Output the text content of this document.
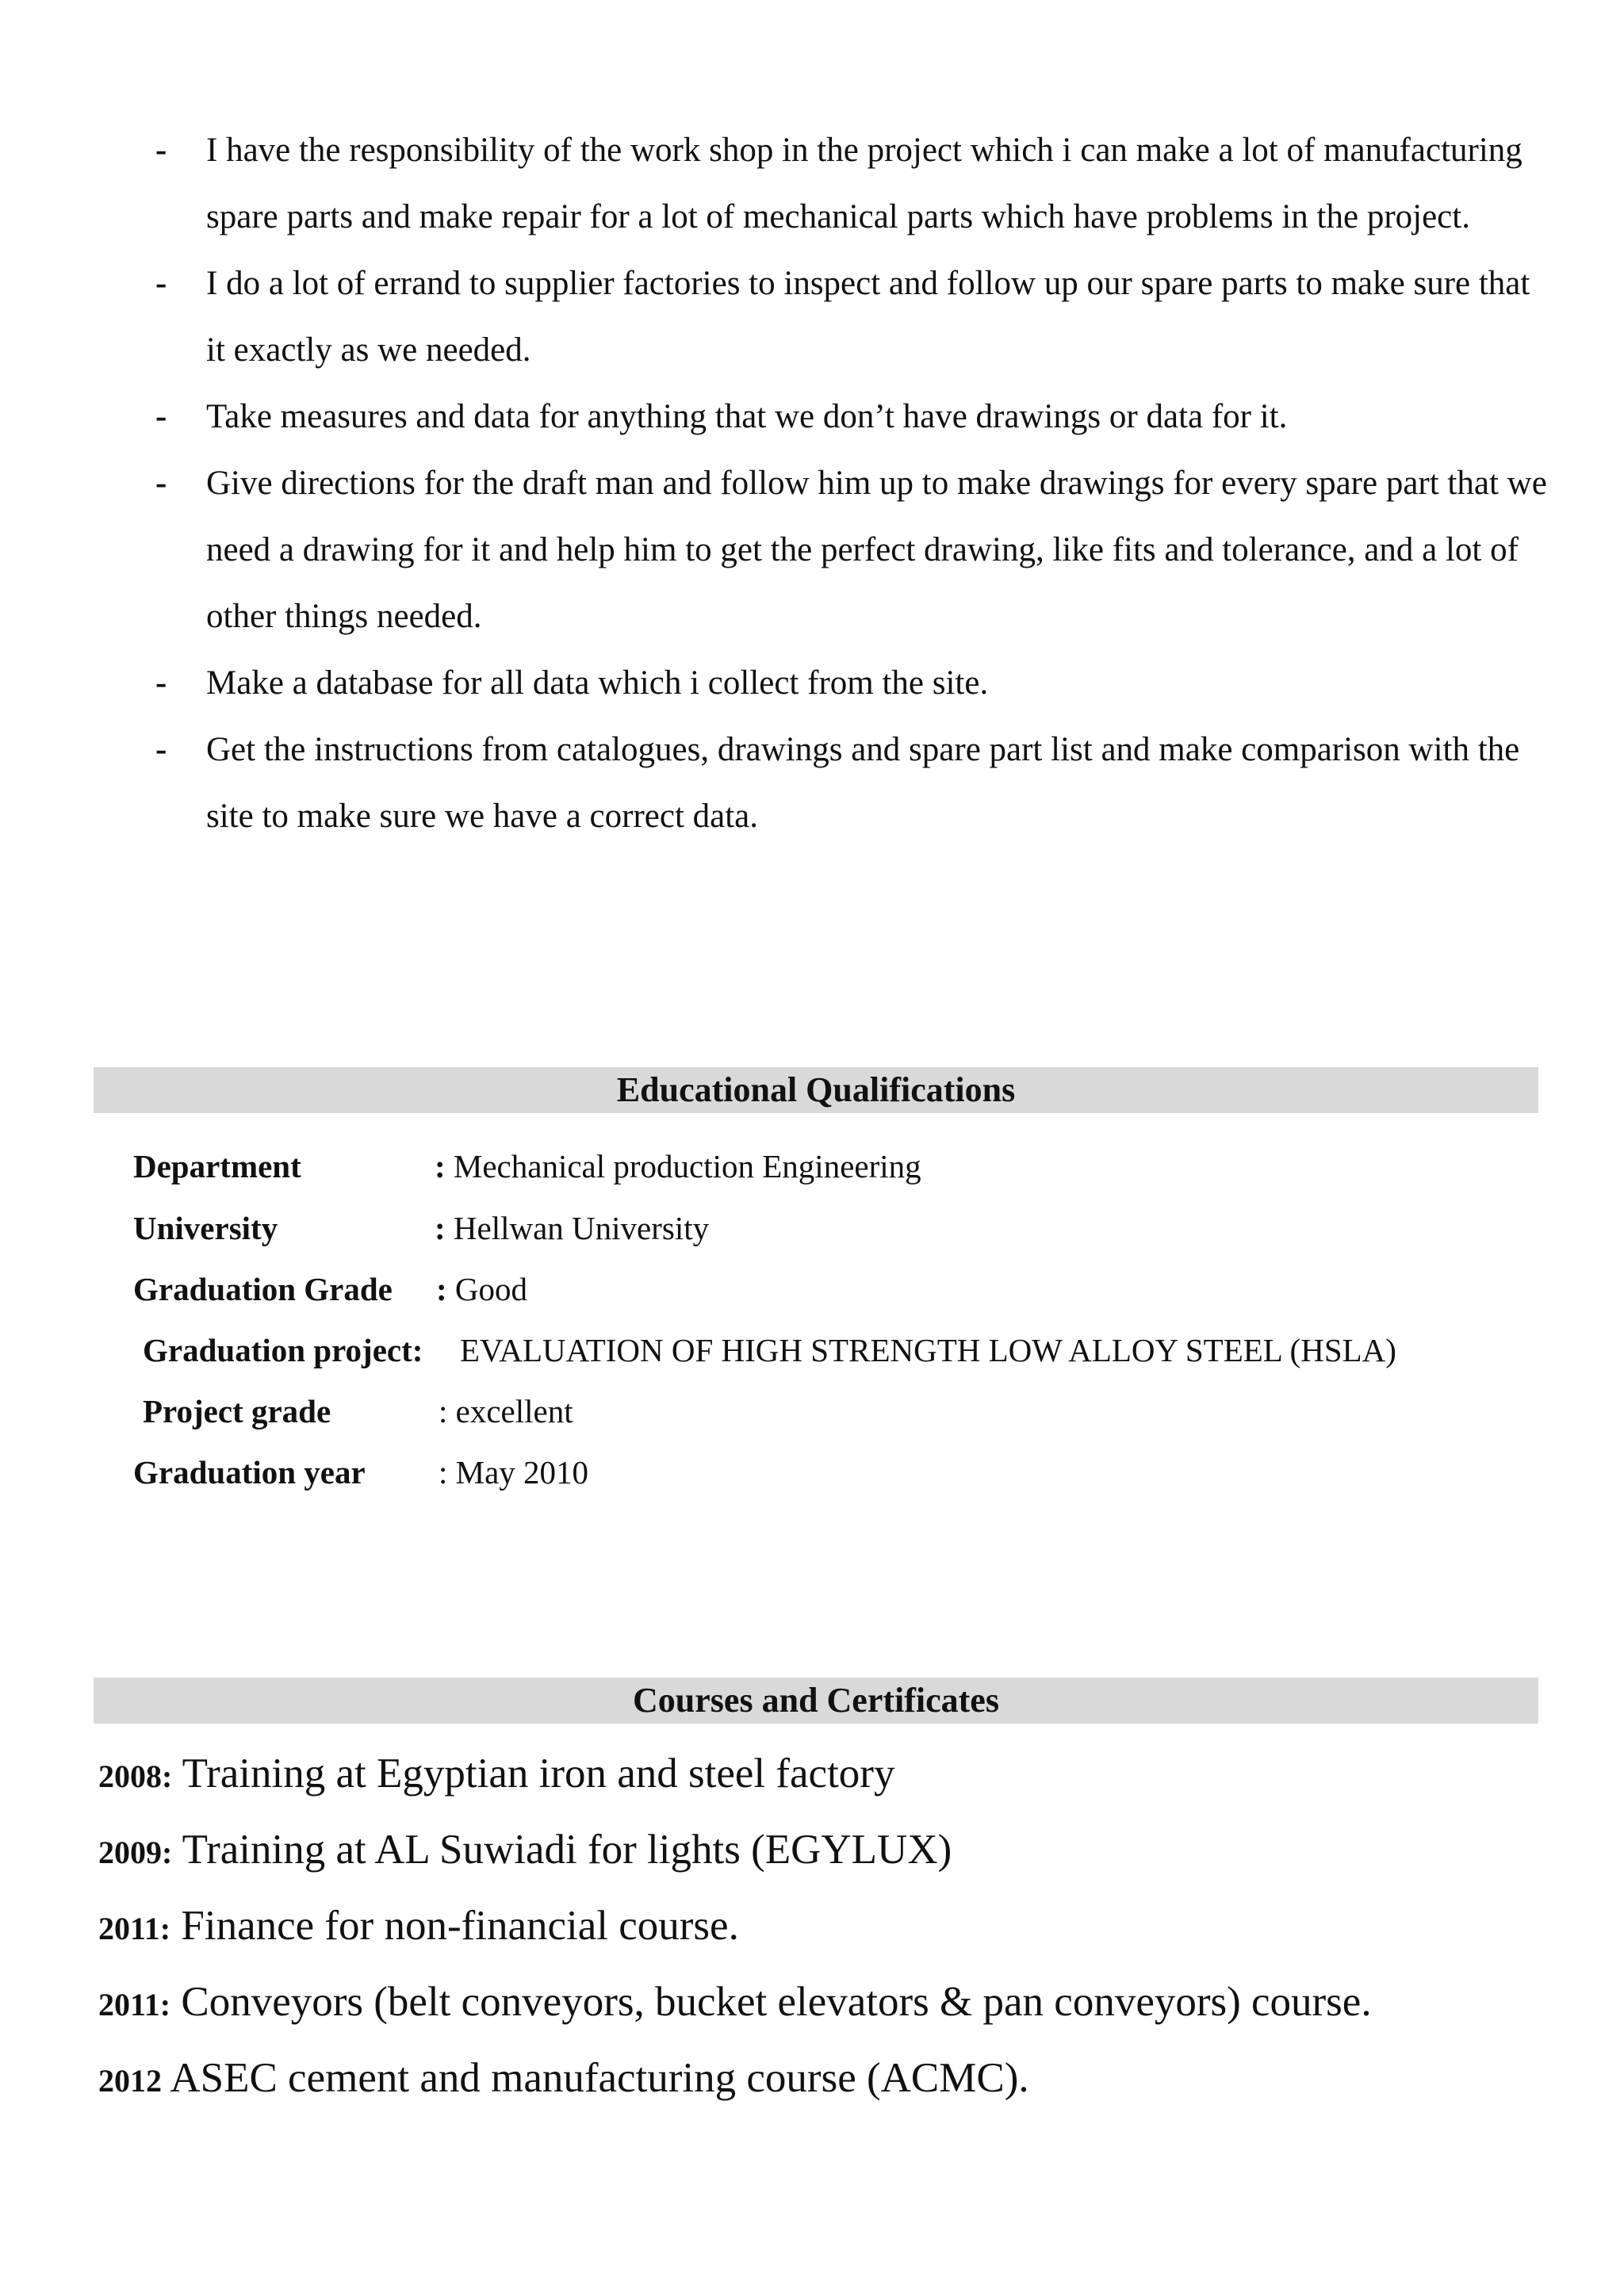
-	I have the responsibility of the work shop in the project which i can make a lot of manufacturing spare parts and make repair for a lot of mechanical parts which have problems in the project.
-	I do a lot of errand to supplier factories to inspect and follow up our spare parts to make sure that it exactly as we needed.
-	Take measures and data for anything that we don’t have drawings or data for it.
-	Give directions for the draft man and follow him up to make drawings for every spare part that we need a drawing for it and help him to get the perfect drawing, like fits and tolerance, and a lot of other things needed.
-	Make a database for all data which i collect from the site.
-	Get the instructions from catalogues, drawings and spare part list and make comparison with the site to make sure we have a correct data.
Educational Qualifications
Department	: Mechanical production Engineering
University	: Hellwan University
Graduation Grade : Good
Graduation project: EVALUATION OF HIGH STRENGTH LOW ALLOY STEEL (HSLA)
Project grade	: excellent
Graduation year : May 2010
Courses and Certificates
2008: Training at Egyptian iron and steel factory
2009: Training at AL Suwiadi for lights (EGYLUX)
2011: Finance for non-financial course.
2011: Conveyors (belt conveyors, bucket elevators & pan conveyors) course.
2012 ASEC cement and manufacturing course (ACMC).
